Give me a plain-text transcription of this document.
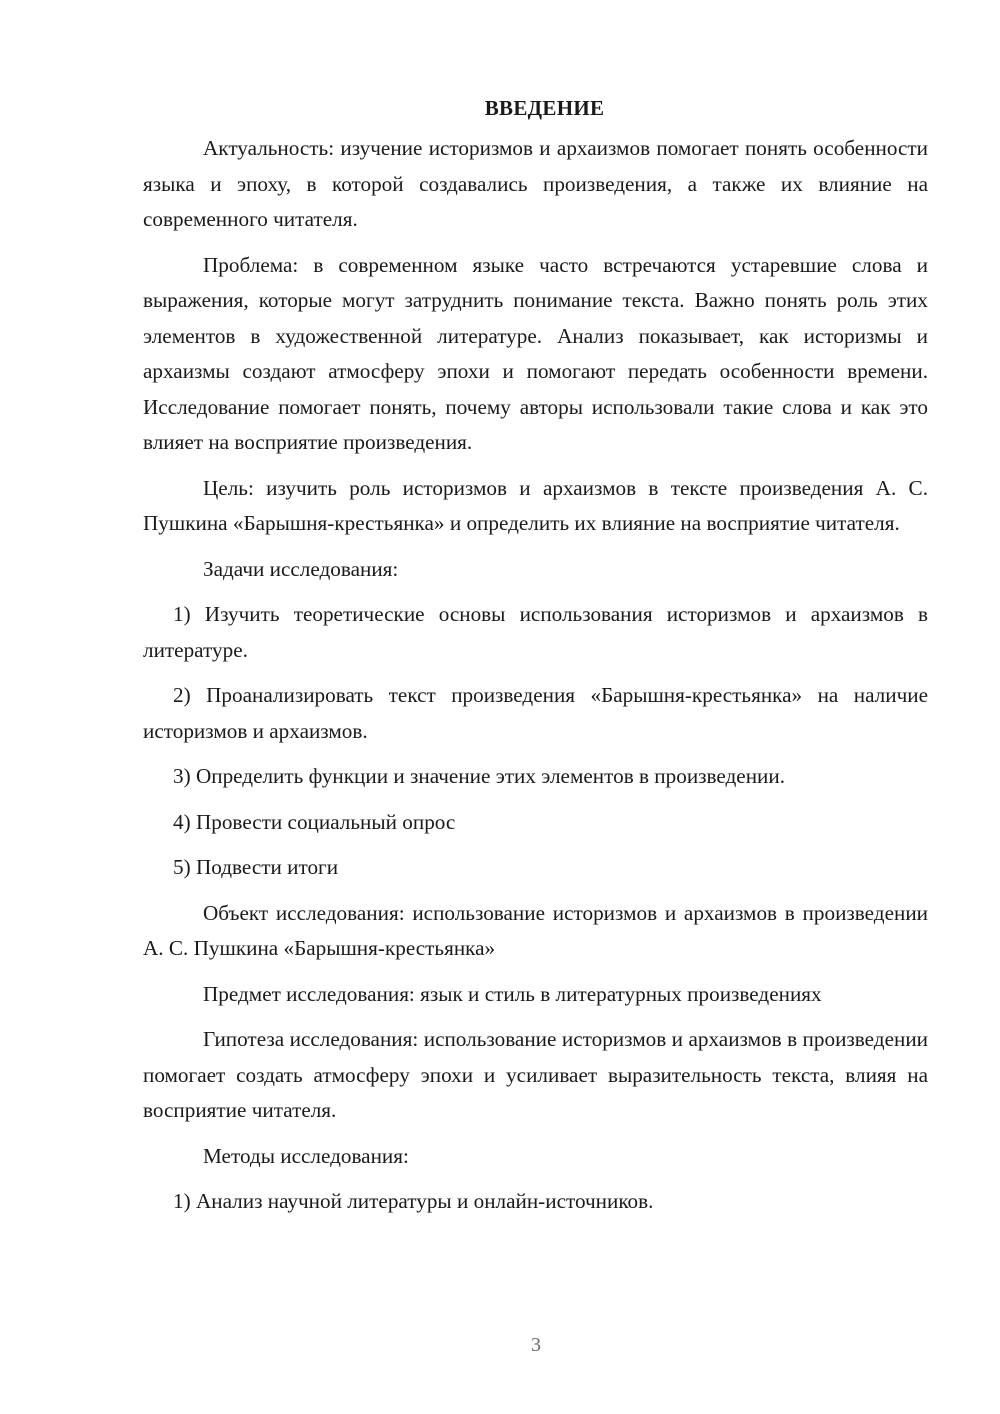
ВВЕДЕНИЕ

Актуальность: изучение историзмов и архаизмов помогает понять особенности языка и эпоху, в которой создавались произведения, а также их влияние на современного читателя.

Проблема: в современном языке часто встречаются устаревшие слова и выражения, которые могут затруднить понимание текста. Важно понять роль этих элементов в художественной литературе. Анализ показывает, как историзмы и архаизмы создают атмосферу эпохи и помогают передать особенности времени. Исследование помогает понять, почему авторы использовали такие слова и как это влияет на восприятие произведения.

Цель: изучить роль историзмов и архаизмов в тексте произведения А. С. Пушкина «Барышня-крестьянка» и определить их влияние на восприятие читателя.

Задачи исследования:

1) Изучить теоретические основы использования историзмов и архаизмов в литературе.

2) Проанализировать текст произведения «Барышня-крестьянка» на наличие историзмов и архаизмов.

3) Определить функции и значение этих элементов в произведении.

4) Провести социальный опрос

5) Подвести итоги

Объект исследования: использование историзмов и архаизмов в произведении А. С. Пушкина «Барышня-крестьянка»

Предмет исследования: язык и стиль в литературных произведениях

Гипотеза исследования: использование историзмов и архаизмов в произведении помогает создать атмосферу эпохи и усиливает выразительность текста, влияя на восприятие читателя.

Методы исследования:

1) Анализ научной литературы и онлайн-источников.

3
